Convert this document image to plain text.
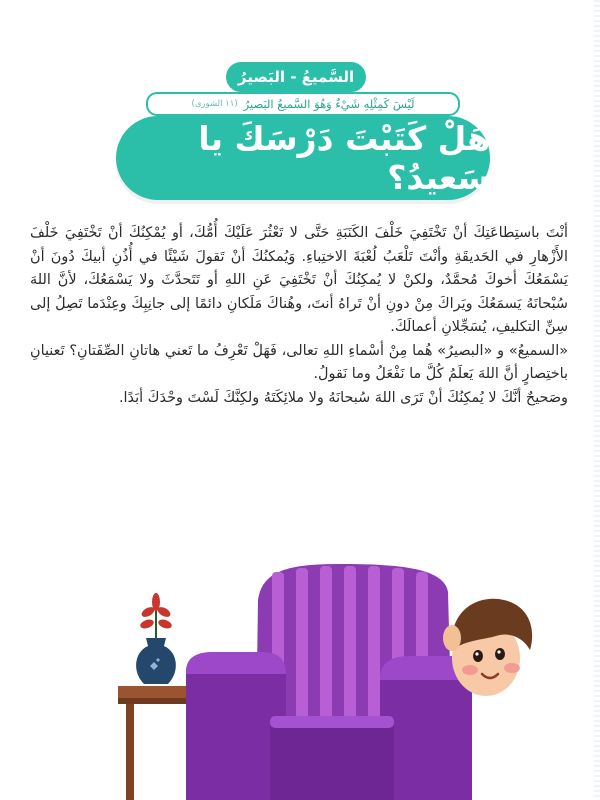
السَّميعُ - البَصيرُ
لَيْسَ كَمِثْلِهِ شَيْءٌ وَهُوَ السَّميعُ البَصيرُ
(١١ الشورى)
هَلْ كَتَبْتَ دَرْسَكَ يا سَعيدُ؟

أنْتَ باستِطاعَتِكَ أنْ تَخْتَفِيَ خَلْفَ الكَنَبَةِ حَتَّى لا تَعْثُرَ عَلَيْكَ أُمُّكَ، أو يُمْكِنُكَ أنْ تَخْتَفِيَ خَلْفَ الأَزْهارِ في الحَديقَةِ وأنْتَ تَلْعَبُ لُعْبَةَ الاختِباءِ. وَيُمكنُكَ أنْ تَقولَ شَيْئًا في أُذُنِ أبيكَ دُونَ أنْ يَسْمَعُكَ أخوكَ مُحمَّدٌ، ولكنْ لا يُمكِنُكَ أنْ تَخْتَفِيَ عَنِ اللهِ أو تَتَحدَّثَ ولا يَسْمَعُكَ، لأنَّ اللهَ سُبْحانَهُ يَسمَعُكَ ويَراكَ مِنْ دونِ أنْ تَراهُ أنتَ، وهُناكَ مَلَكانِ دائمًا إلى جانِبِكَ وعِنْدَما تَصِلُ إلى سِنِّ التكليفِ، يُسَجِّلانِ أعمالَكَ.

«السميعُ» و «البصيرُ» هُما مِنْ أسْماءِ اللهِ تعالى، فَهَلْ تَعْرِفُ ما تَعني هاتانِ الصِّفَتانِ؟ تَعنيانِ باختِصارٍ أنَّ اللهَ يَعلَمُ كُلَّ ما نَفْعَلُ وما نَقولُ.

وصَحيحٌ أنَّكَ لا يُمكِنُكَ أنْ تَرَى اللهَ سُبحانَهُ ولا ملائِكَتَهُ ولكِنَّكَ لَسْتَ وحْدَكَ أبَدًا.
